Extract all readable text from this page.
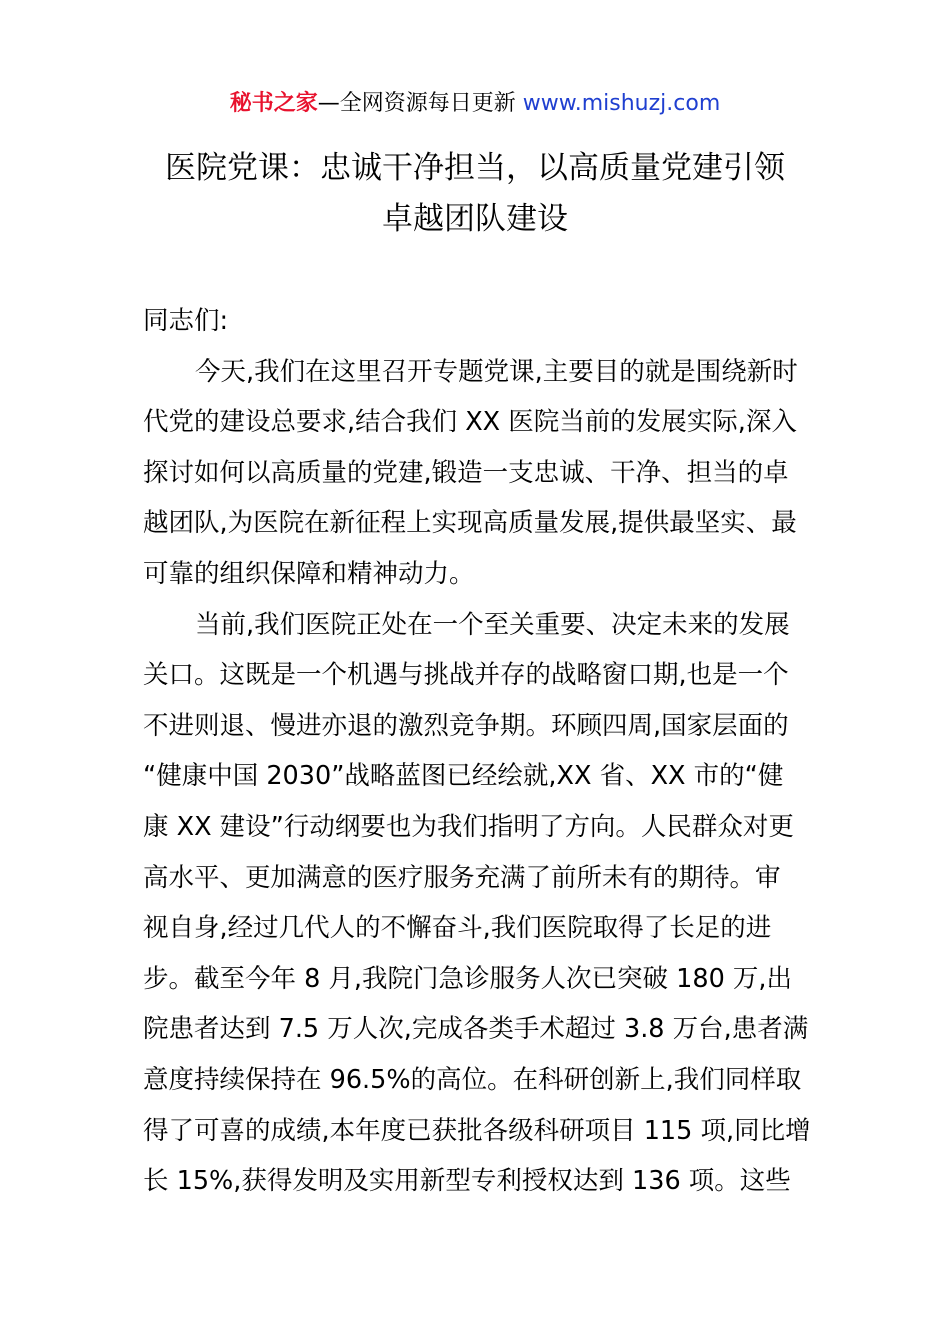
秘书之家—全网资源每日更新 www.mishuzj.com
医院党课：忠诚干净担当，以高质量党建引领
卓越团队建设
同志们:
今天,我们在这里召开专题党课,主要目的就是围绕新时
代党的建设总要求,结合我们 XX 医院当前的发展实际,深入
探讨如何以高质量的党建,锻造一支忠诚、干净、担当的卓
越团队,为医院在新征程上实现高质量发展,提供最坚实、最
可靠的组织保障和精神动力。
当前,我们医院正处在一个至关重要、决定未来的发展
关口。这既是一个机遇与挑战并存的战略窗口期,也是一个
不进则退、慢进亦退的激烈竞争期。环顾四周,国家层面的
“健康中国 2030”战略蓝图已经绘就,XX 省、XX 市的“健
康 XX 建设”行动纲要也为我们指明了方向。人民群众对更
高水平、更加满意的医疗服务充满了前所未有的期待。审
视自身,经过几代人的不懈奋斗,我们医院取得了长足的进
步。截至今年 8 月,我院门急诊服务人次已突破 180 万,出
院患者达到 7.5 万人次,完成各类手术超过 3.8 万台,患者满
意度持续保持在 96.5%的高位。在科研创新上,我们同样取
得了可喜的成绩,本年度已获批各级科研项目 115 项,同比增
长 15%,获得发明及实用新型专利授权达到 136 项。这些
